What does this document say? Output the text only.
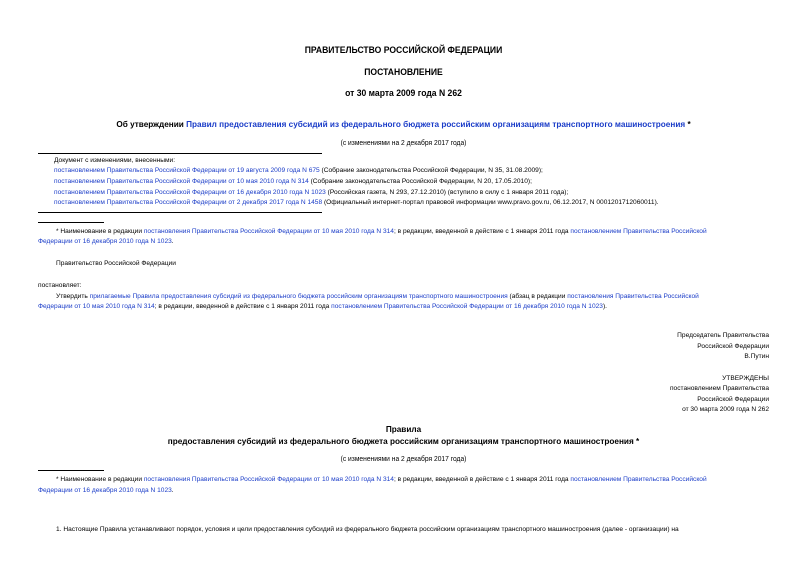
ПРАВИТЕЛЬСТВО РОССИЙСКОЙ ФЕДЕРАЦИИ
ПОСТАНОВЛЕНИЕ
от 30 марта 2009 года N 262
Об утверждении Правил предоставления субсидий из федерального бюджета российским организациям транспортного машиностроения *
(с изменениями на 2 декабря 2017 года)
Документ с изменениями, внесенными:
постановлением Правительства Российской Федерации от 19 августа 2009 года N 675 (Собрание законодательства Российской Федерации, N 35, 31.08.2009);
постановлением Правительства Российской Федерации от 10 мая 2010 года N 314 (Собрание законодательства Российской Федерации, N 20, 17.05.2010);
постановлением Правительства Российской Федерации от 16 декабря 2010 года N 1023 (Российская газета, N 293, 27.12.2010) (вступило в силу с 1 января 2011 года);
постановлением Правительства Российской Федерации от 2 декабря 2017 года N 1458 (Официальный интернет-портал правовой информации www.pravo.gov.ru, 06.12.2017, N 0001201712060011).
* Наименование в редакции постановления Правительства Российской Федерации от 10 мая 2010 года N 314; в редакции, введенной в действие с 1 января 2011 года постановлением Правительства Российской
Федерации от 16 декабря 2010 года N 1023.
Правительство Российской Федерации
постановляет:
Утвердить прилагаемые Правила предоставления субсидий из федерального бюджета российским организациям транспортного машиностроения (абзац в редакции постановления Правительства Российской
Федерации от 10 мая 2010 года N 314; в редакции, введенной в действие с 1 января 2011 года постановлением Правительства Российской Федерации от 16 декабря 2010 года N 1023).
Председатель Правительства
Российской Федерации
В.Путин
УТВЕРЖДЕНЫ
постановлением Правительства
Российской Федерации
от 30 марта 2009 года N 262
Правила
предоставления субсидий из федерального бюджета российским организациям транспортного машиностроения *
(с изменениями на 2 декабря 2017 года)
* Наименование в редакции постановления Правительства Российской Федерации от 10 мая 2010 года N 314; в редакции, введенной в действие с 1 января 2011 года постановлением Правительства Российской
Федерации от 16 декабря 2010 года N 1023.
1. Настоящие Правила устанавливают порядок, условия и цели предоставления субсидий из федерального бюджета российским организациям транспортного машиностроения (далее - организации) на
